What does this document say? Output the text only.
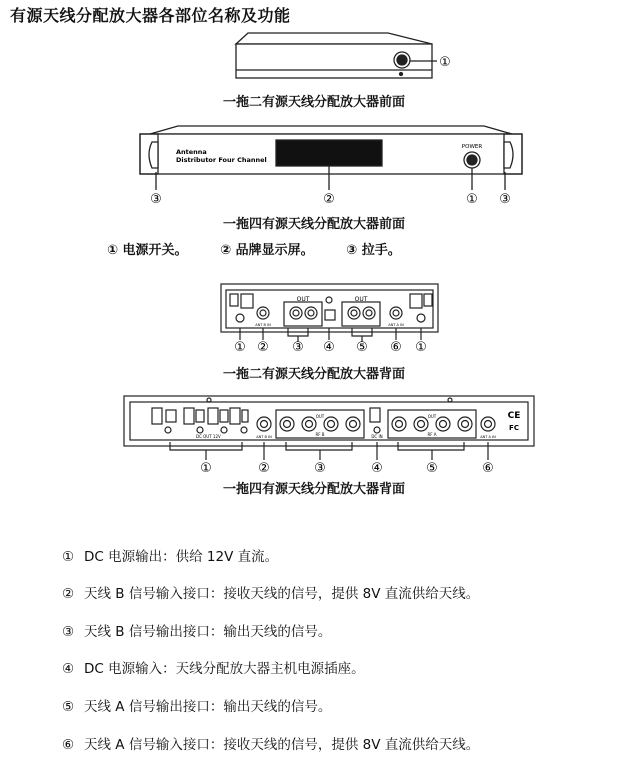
有源天线分配放大器各部位名称及功能
①
Antenna
Distributor Four Channel
POWER
③	②	① ③
OUT	OUT
ANT B IN	ANT A IN
① ② ③ ④ ⑤ ⑥ ①
DC OUT 12V
OUT	OUT
RF B	RF A
DC IN
ANT B IN	ANT A IN
CE
FC
①	②	③	④	⑤	⑥
一拖二有源天线分配放大器前面
一拖四有源天线分配放大器前面
① 电源开关。	② 品牌显示屏。	③ 拉手。
一拖二有源天线分配放大器背面
一拖四有源天线分配放大器背面
① DC 电源输出：供给 12V 直流。
② 天线 B 信号输入接口：接收天线的信号，提供 8V 直流供给天线。
③ 天线 B 信号输出接口：输出天线的信号。
④ DC 电源输入：天线分配放大器主机电源插座。
⑤ 天线 A 信号输出接口：输出天线的信号。
⑥ 天线 A 信号输入接口：接收天线的信号，提供 8V 直流供给天线。
